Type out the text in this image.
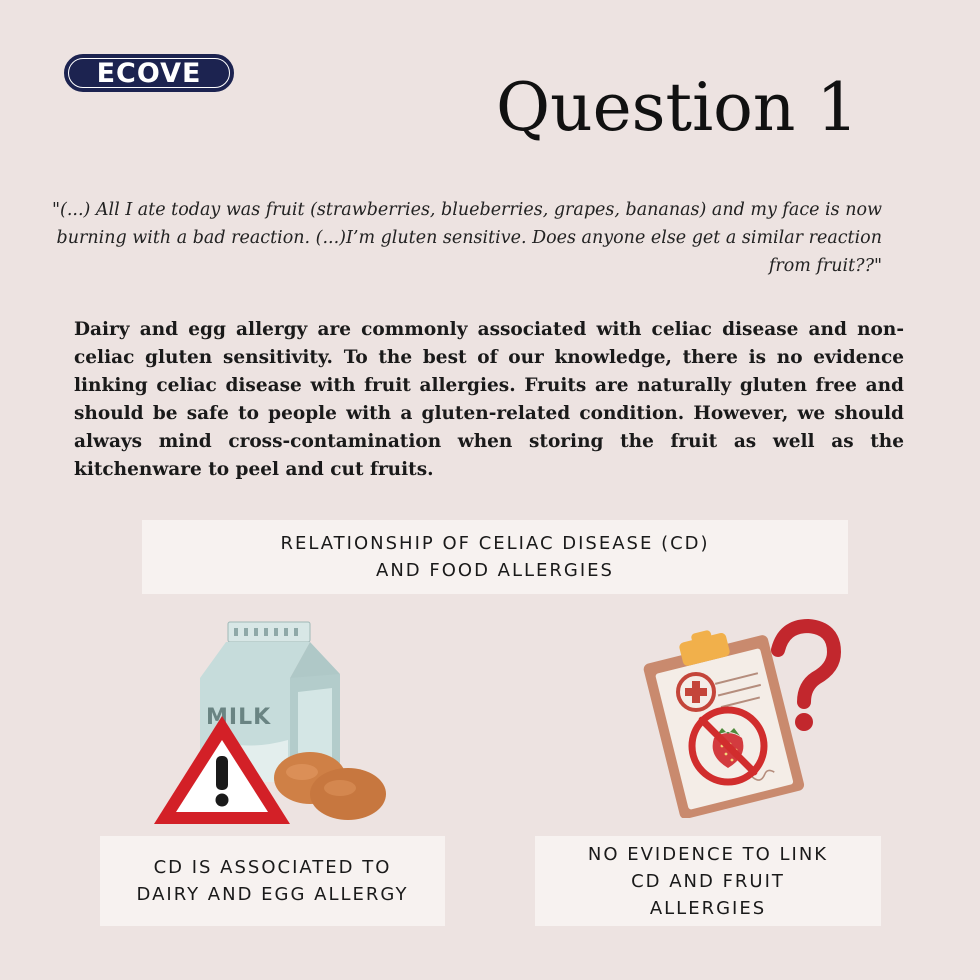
ECOVE	Question 1
"(...) All I ate today was fruit (strawberries, blueberries, grapes, bananas) and my face is now burning with a bad reaction. (...)I’m gluten sensitive. Does anyone else get a similar reaction from fruit??"
Dairy and egg allergy are commonly associated with celiac disease and non-celiac gluten sensitivity. To the best of our knowledge, there is no evidence linking celiac disease with fruit allergies. Fruits are naturally gluten free and should be safe to people with a gluten-related condition. However, we should always mind cross-contamination when storing the fruit as well as the kitchenware to peel and cut fruits.
RELATIONSHIP OF CELIAC DISEASE (CD)
AND FOOD ALLERGIES
MILK
CD IS ASSOCIATED TO
DAIRY AND EGG ALLERGY
NO EVIDENCE TO LINK
CD AND FRUIT
ALLERGIES
